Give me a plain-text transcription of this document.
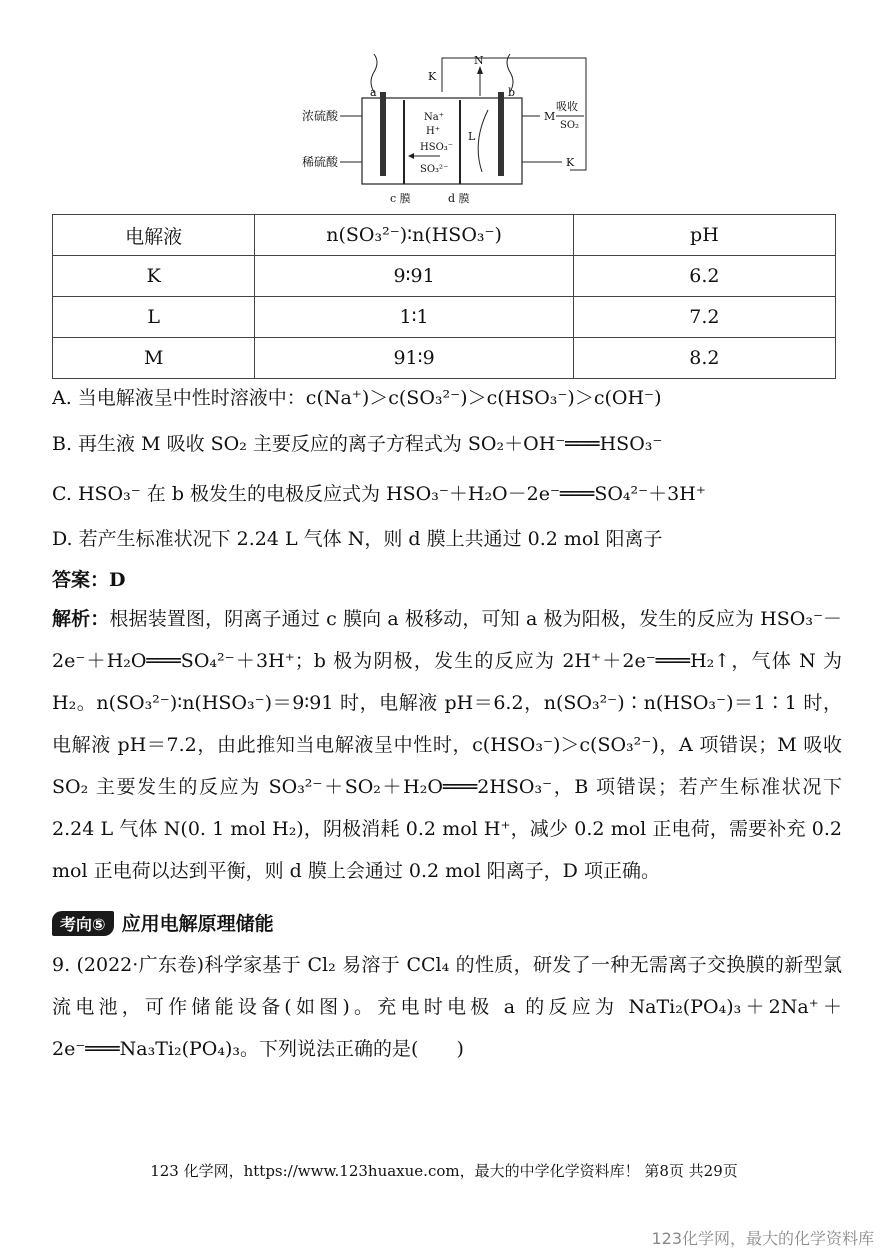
a	b
K
N
浓硫酸
稀硫酸
Na⁺
H⁺
HSO₃⁻
SO₃²⁻
L
M
吸收
SO₂
K
c 膜	d 膜
电解液	n(SO₃²⁻)∶n(HSO₃⁻)	pH
K	9∶91	6.2
L	1∶1	7.2
M	91∶9	8.2
A. 当电解液呈中性时溶液中：c(Na⁺)＞c(SO₃²⁻)＞c(HSO₃⁻)＞c(OH⁻)
B. 再生液 M 吸收 SO₂ 主要反应的离子方程式为 SO₂＋OH⁻═══HSO₃⁻
C. HSO₃⁻ 在 b 极发生的电极反应式为 HSO₃⁻＋H₂O－2e⁻═══SO₄²⁻＋3H⁺
D. 若产生标准状况下 2.24 L 气体 N，则 d 膜上共通过 0.2 mol 阳离子
答案：D
解析：根据装置图，阴离子通过 c 膜向 a 极移动，可知 a 极为阳极，发生的反应为 HSO₃⁻－2e⁻＋H₂O═══SO₄²⁻＋3H⁺；b 极为阴极，发生的反应为 2H⁺＋2e⁻═══H₂↑，气体 N 为 H₂。n(SO₃²⁻)∶n(HSO₃⁻)＝9∶91 时，电解液 pH＝6.2，n(SO₃²⁻)∶n(HSO₃⁻)＝1∶1 时，电解液 pH＝7.2，由此推知当电解液呈中性时，c(HSO₃⁻)＞c(SO₃²⁻)，A 项错误；M 吸收 SO₂ 主要发生的反应为 SO₃²⁻＋SO₂＋H₂O═══2HSO₃⁻，B 项错误；若产生标准状况下 2.24 L 气体 N(0. 1 mol H₂)，阴极消耗 0.2 mol H⁺，减少 0.2 mol 正电荷，需要补充 0.2 mol 正电荷以达到平衡，则 d 膜上会通过 0.2 mol 阳离子，D 项正确。
考向⑤ 应用电解原理储能
9. (2022·广东卷)科学家基于 Cl₂ 易溶于 CCl₄ 的性质，研发了一种无需离子交换膜的新型氯流电池，可作储能设备(如图)。充电时电极 a 的反应为 NaTi₂(PO₄)₃＋2Na⁺＋2e⁻═══Na₃Ti₂(PO₄)₃。下列说法正确的是(　　)
123 化学网，https://www.123huaxue.com，最大的中学化学资料库！ 第8页 共29页
123化学网，最大的化学资料库
